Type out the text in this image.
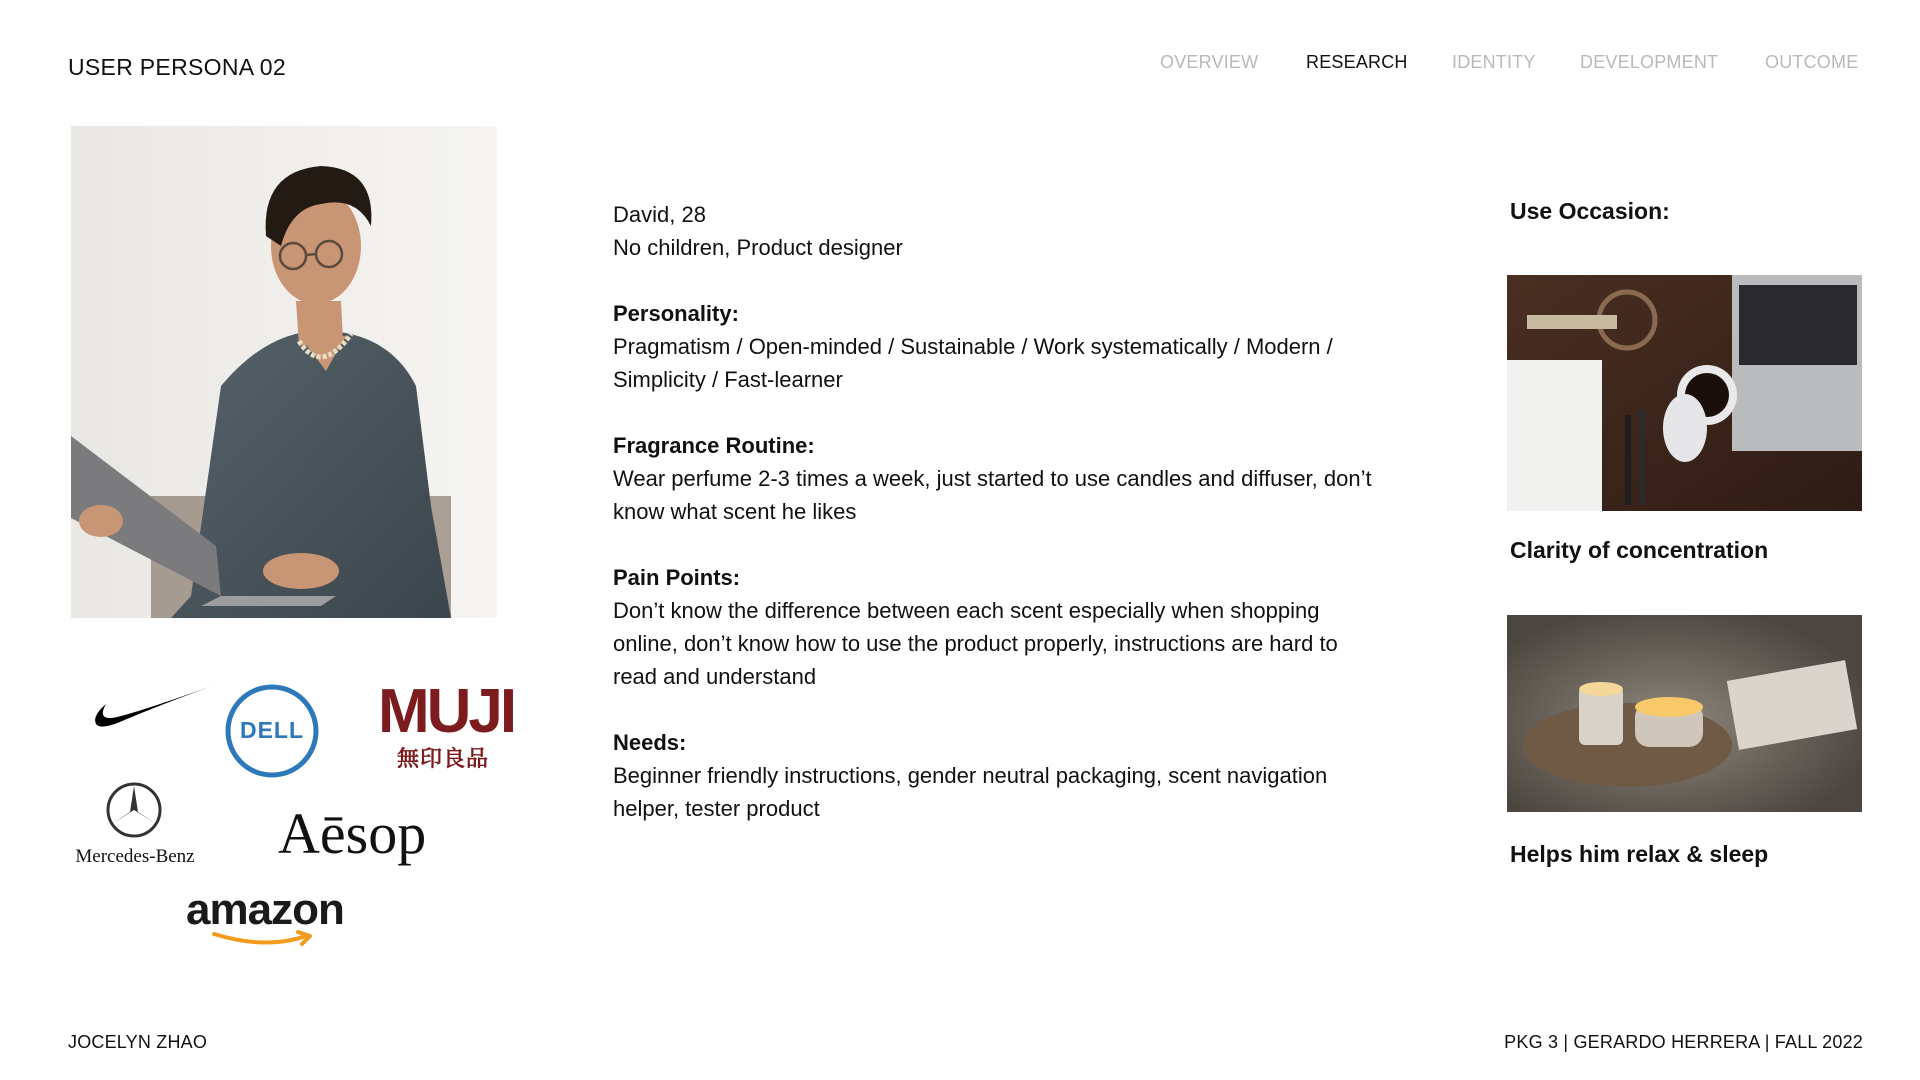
USER PERSONA 02	OVERVIEW	RESEARCH IDENTITY DEVELOPMENT	OUTCOME
DELL MUJI
無印良品
Mercedes-Benz Aēsop
amazon
David, 28
No children, Product designer
Personality:
Pragmatism / Open-minded / Sustainable / Work systematically / Modern /
Simplicity / Fast-learner
Fragrance Routine:
Wear perfume 2-3 times a week, just started to use candles and diffuser, don’t
know what scent he likes
Pain Points:
Don’t know the difference between each scent especially when shopping
online, don’t know how to use the product properly, instructions are hard to
read and understand
Needs:
Beginner friendly instructions, gender neutral packaging, scent navigation
helper, tester product
Use Occasion:
Clarity of concentration
Helps him relax & sleep
JOCELYN ZHAO	PKG 3 | GERARDO HERRERA | FALL 2022
